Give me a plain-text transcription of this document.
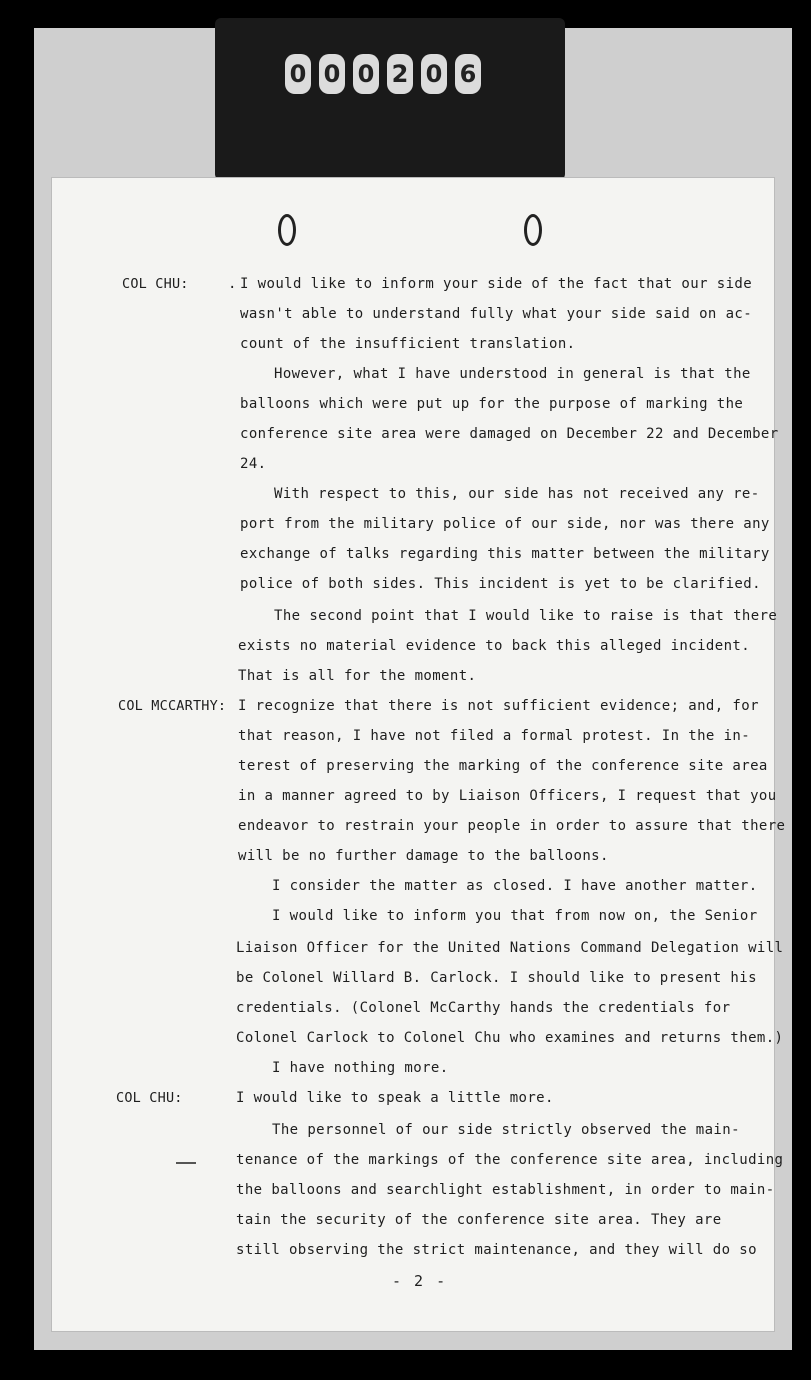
0 0 0 2 0 6
COL CHU:	. I would like to inform your side of the fact that our side
wasn't able to understand fully what your side said on ac-
count of the insufficient translation.
However, what I have understood in general is that the
balloons which were put up for the purpose of marking the
conference site area were damaged on December 22 and December
24.
With respect to this, our side has not received any re-
port from the military police of our side, nor was there any
exchange of talks regarding this matter between the military
police of both sides. This incident is yet to be clarified.
The second point that I would like to raise is that there
exists no material evidence to back this alleged incident.
That is all for the moment.
COL MCCARTHY: I recognize that there is not sufficient evidence; and, for
that reason, I have not filed a formal protest. In the in-
terest of preserving the marking of the conference site area
in a manner agreed to by Liaison Officers, I request that you
endeavor to restrain your people in order to assure that there
will be no further damage to the balloons.
I consider the matter as closed. I have another matter.
I would like to inform you that from now on, the Senior
Liaison Officer for the United Nations Command Delegation will
be Colonel Willard B. Carlock. I should like to present his
credentials. (Colonel McCarthy hands the credentials for
Colonel Carlock to Colonel Chu who examines and returns them.)
I have nothing more.
COL CHU:	I would like to speak a little more.
The personnel of our side strictly observed the main-
tenance of the markings of the conference site area, including
the balloons and searchlight establishment, in order to main-
tain the security of the conference site area. They are
still observing the strict maintenance, and they will do so
- 2 -
